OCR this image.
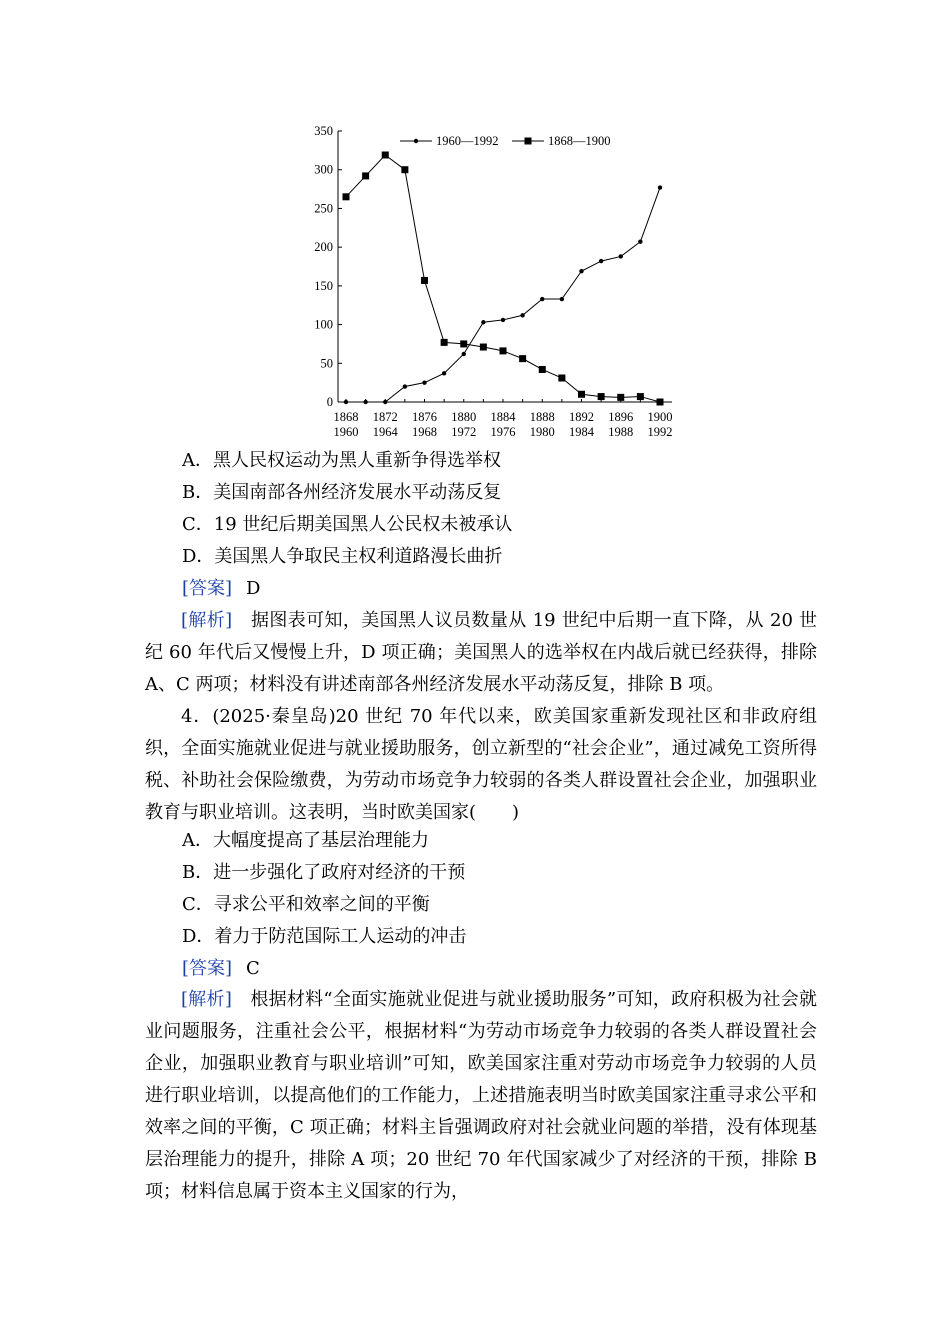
0
50
100
150
200
250
300
350
1868
1960
1872
1964
1876
1968
1880
1972
1884
1976
1888
1980
1892
1984
1896
1988
1900
1992
1960—1992	1868—1900
A．黑人民权运动为黑人重新争得选举权
B．美国南部各州经济发展水平动荡反复
C．19 世纪后期美国黑人公民权未被承认
D．美国黑人争取民主权利道路漫长曲折
[答案] D

[解析]　 据图表可知，美国黑人议员数量从 19 世纪中后期一直下降，从 20 世纪 60 年代后又慢慢上升，D 项正确；美国黑人的选举权在内战后就已经获得，排除 A、C 两项；材料没有讲述南部各州经济发展水平动荡反复，排除 B 项。

4．(2025·秦皇岛)20 世纪 70 年代以来，欧美国家重新发现社区和非政府组织，全面实施就业促进与就业援助服务，创立新型的“社会企业”，通过减免工资所得税、补助社会保险缴费，为劳动市场竞争力较弱的各类人群设置社会企业，加强职业教育与职业培训。这表明，当时欧美国家(　　)

A．大幅度提高了基层治理能力
B．进一步强化了政府对经济的干预
C．寻求公平和效率之间的平衡
D．着力于防范国际工人运动的冲击
[答案] C

[解析]　 根据材料“全面实施就业促进与就业援助服务”可知，政府积极为社会就业问题服务，注重社会公平，根据材料“为劳动市场竞争力较弱的各类人群设置社会企业，加强职业教育与职业培训”可知，欧美国家注重对劳动市场竞争力较弱的人员进行职业培训，以提高他们的工作能力，上述措施表明当时欧美国家注重寻求公平和效率之间的平衡，C 项正确；材料主旨强调政府对社会就业问题的举措，没有体现基层治理能力的提升，排除 A 项；20 世纪 70 年代国家减少了对经济的干预，排除 B 项；材料信息属于资本主义国家的行为，
